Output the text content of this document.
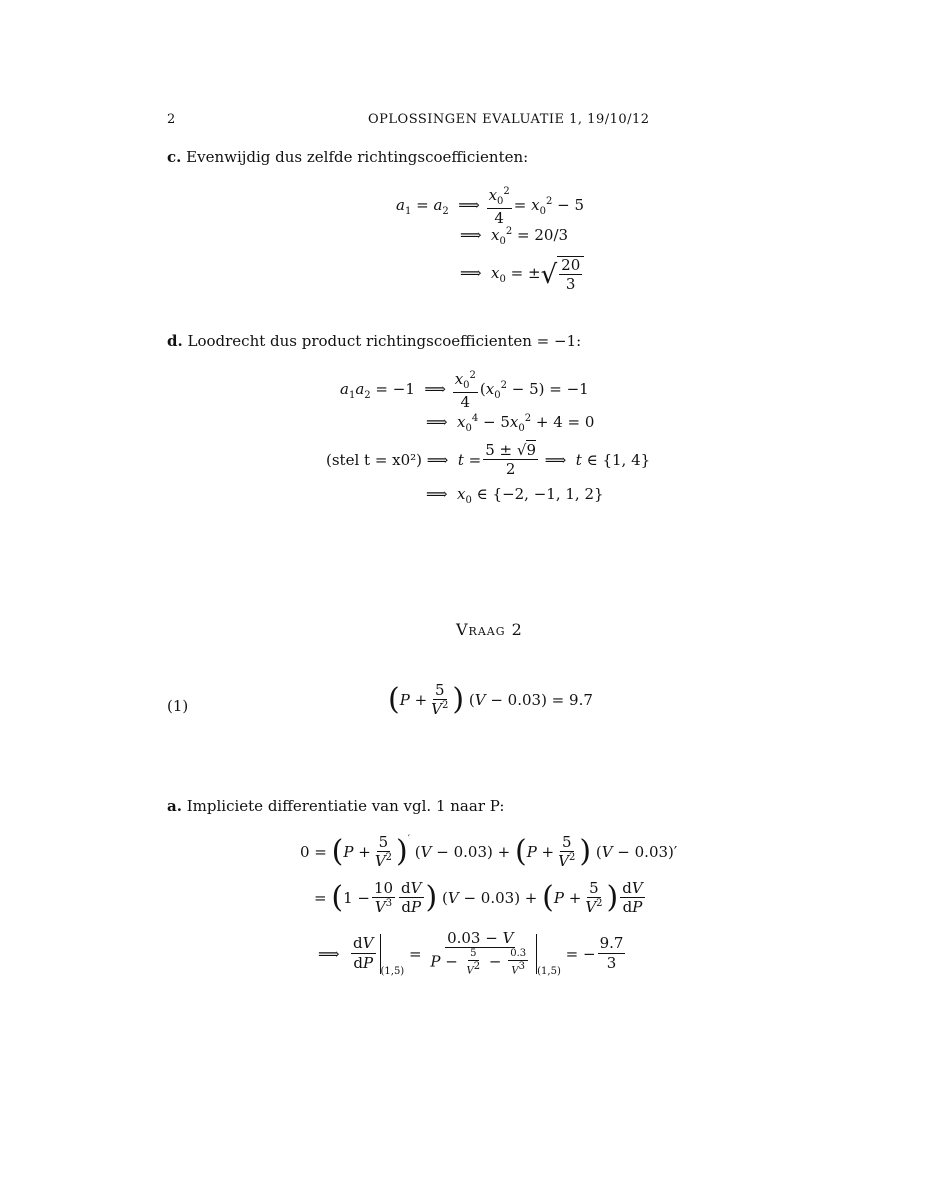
2	OPLOSSINGEN EVALUATIE 1, 19/10/12
c. Evenwijdig dus zelfde richtingscoefficienten:
$a_1 = a_2$  ⟹ $\frac{x_0^2}{4} = x_0^2 - 5$
⟹  $x_0^2 = 20/3$
⟹  $x_0$ = ± √ $\frac{20}{3}$
d. Loodrecht dus product richtingscoefficienten = −1:
$a_1a_2 = -1$  ⟹ $\frac{x_0^2}{4} (x_0^2 - 5) = -1$
⟹  $x_0^4 - 5x_0^2 + 4 = 0$
(stel t = x0²) ⟹  $t = \frac{5 \pm √9}{2}$ ⟹  t ∈ {1, 4}
⟹  $x_0$ ∈ {−2, −1, 1, 2}
Vraag 2
(1)	( $P + \frac{5}{V^2}$ ) (V − 0.03) = 9.7
a. Impliciete differentiatie van vgl. 1 naar P:
0 = ( $P + \frac{5}{V^2} )'$
(V − 0.03) + ( $P + \frac{5}{V^2}$ ) (V − 0.03)′
= ( $1 - \frac{10}{V^3} \frac{dV}{dP}$ ) (V − 0.03) + ( $P + \frac{5}{V^2}$ ) $\frac{dV}{dP}$
⟹ $\frac{dV}{dP} (1,5)$
= $\frac{0.03 - V}{P - \frac{5}{V^2} - \frac{0.3}{V^3}} (1,5)$
= − $\frac{9.7}{3}$
